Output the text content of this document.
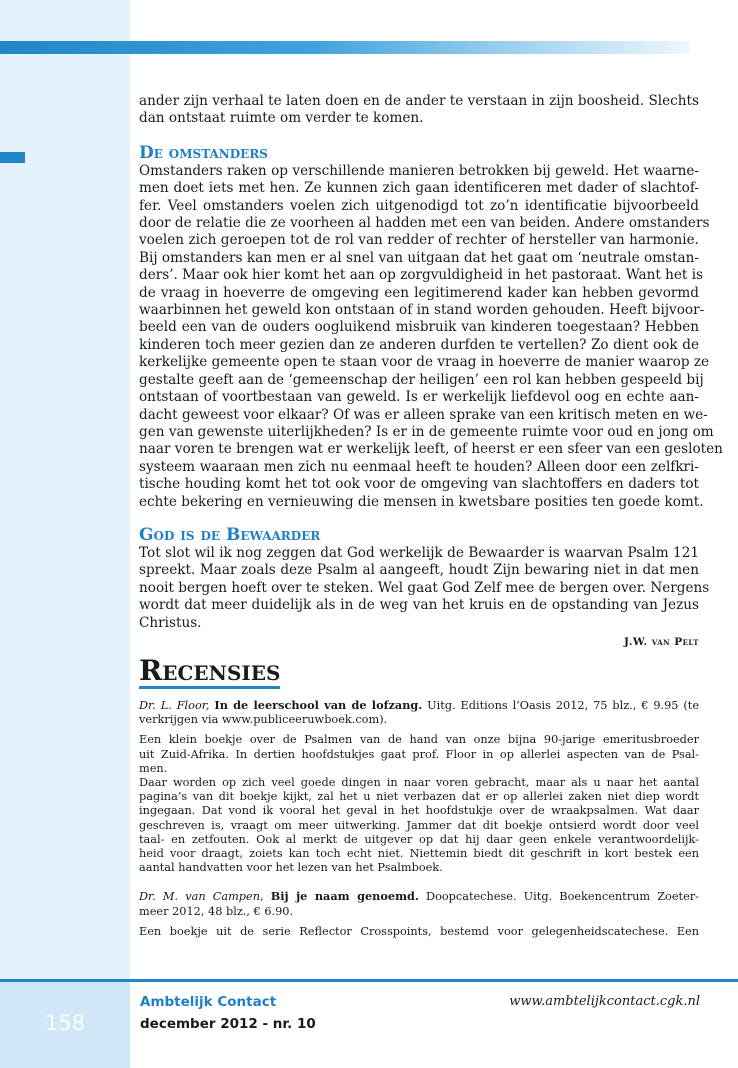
ander zijn verhaal te laten doen en de ander te verstaan in zijn boosheid. Slechts
dan ontstaat ruimte om verder te komen.

De omstanders

Omstanders raken op verschillende manieren betrokken bij geweld. Het waarne-
men doet iets met hen. Ze kunnen zich gaan identificeren met dader of slachtof-
fer. Veel omstanders voelen zich uitgenodigd tot zo’n identificatie bijvoorbeeld
door de relatie die ze voorheen al hadden met een van beiden. Andere omstanders
voelen zich geroepen tot de rol van redder of rechter of hersteller van harmonie.
Bij omstanders kan men er al snel van uitgaan dat het gaat om ‘neutrale omstan-
ders’. Maar ook hier komt het aan op zorgvuldigheid in het pastoraat. Want het is
de vraag in hoeverre de omgeving een legitimerend kader kan hebben gevormd
waarbinnen het geweld kon ontstaan of in stand worden gehouden. Heeft bijvoor-
beeld een van de ouders oogluikend misbruik van kinderen toegestaan? Hebben
kinderen toch meer gezien dan ze anderen durfden te vertellen? Zo dient ook de
kerkelijke gemeente open te staan voor de vraag in hoeverre de manier waarop ze
gestalte geeft aan de ‘gemeenschap der heiligen’ een rol kan hebben gespeeld bij
ontstaan of voortbestaan van geweld. Is er werkelijk liefdevol oog en echte aan-
dacht geweest voor elkaar? Of was er alleen sprake van een kritisch meten en we-
gen van gewenste uiterlijkheden? Is er in de gemeente ruimte voor oud en jong om
naar voren te brengen wat er werkelijk leeft, of heerst er een sfeer van een gesloten
systeem waaraan men zich nu eenmaal heeft te houden? Alleen door een zelfkri-
tische houding komt het tot ook voor de omgeving van slachtoffers en daders tot
echte bekering en vernieuwing die mensen in kwetsbare posities ten goede komt.

God is de Bewaarder

Tot slot wil ik nog zeggen dat God werkelijk de Bewaarder is waarvan Psalm 121
spreekt. Maar zoals deze Psalm al aangeeft, houdt Zijn bewaring niet in dat men
nooit bergen hoeft over te steken. Wel gaat God Zelf mee de bergen over. Nergens
wordt dat meer duidelijk als in de weg van het kruis en de opstanding van Jezus
Christus.

J.W. van Pelt
Recensies

Dr. L. Floor, In de leerschool van de lofzang. Uitg. Editions l’Oasis 2012, 75 blz., € 9.95 (te
verkrijgen via www.publiceeruwboek.com).

Een klein boekje over de Psalmen van de hand van onze bijna 90-jarige emeritusbroeder
uit Zuid-Afrika. In dertien hoofdstukjes gaat prof. Floor in op allerlei aspecten van de Psal-
men.

Daar worden op zich veel goede dingen in naar voren gebracht, maar als u naar het aantal
pagina’s van dit boekje kijkt, zal het u niet verbazen dat er op allerlei zaken niet diep wordt
ingegaan. Dat vond ik vooral het geval in het hoofdstukje over de wraakpsalmen. Wat daar
geschreven is, vraagt om meer uitwerking. Jammer dat dit boekje ontsierd wordt door veel
taal- en zetfouten. Ook al merkt de uitgever op dat hij daar geen enkele verantwoordelijk-
heid voor draagt, zoiets kan toch echt niet. Niettemin biedt dit geschrift in kort bestek een
aantal handvatten voor het lezen van het Psalmboek.

Dr. M. van Campen, Bij je naam genoemd. Doopcatechese. Uitg. Boekencentrum Zoeter-
meer 2012, 48 blz., € 6.90.

Een boekje uit de serie Reflector Crosspoints, bestemd voor gelegenheidscatechese. Een

158
Ambtelijk Contact
december 2012 - nr. 10
www.ambtelijkcontact.cgk.nl
